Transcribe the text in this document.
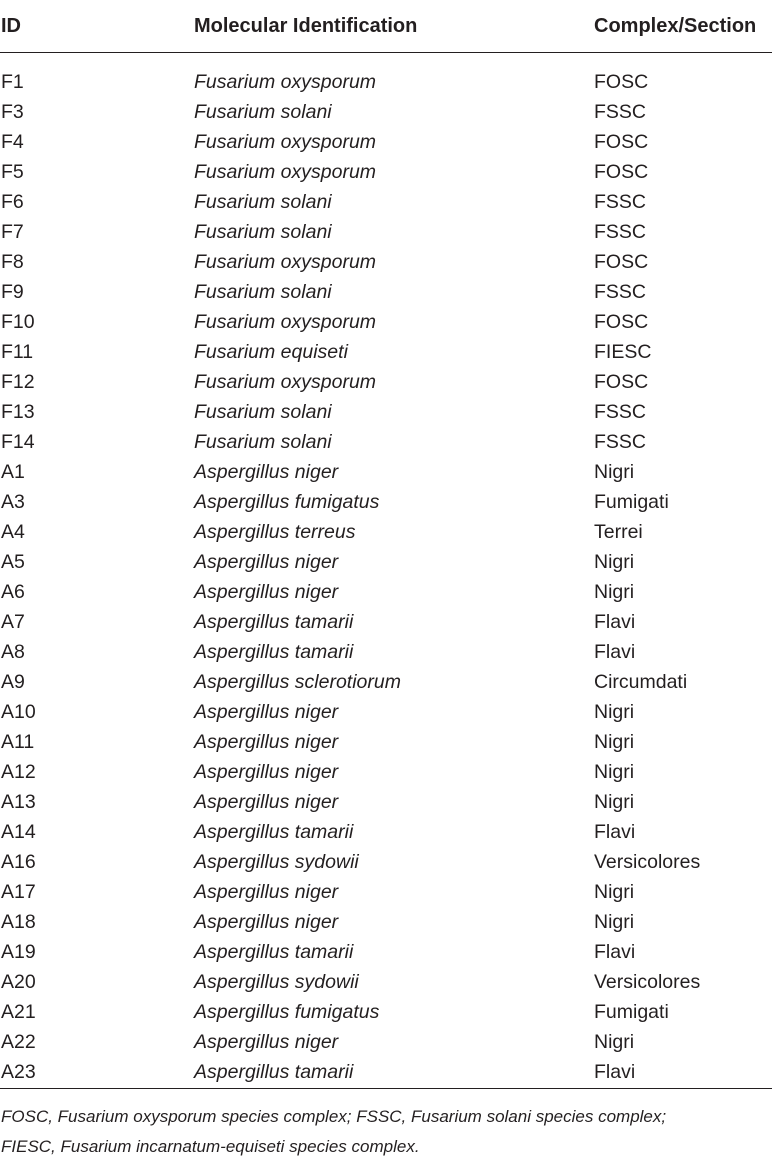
ID	Molecular Identification	Complex/Section

F1	Fusarium oxysporum	FOSC
F3	Fusarium solani	FSSC
F4	Fusarium oxysporum	FOSC
F5	Fusarium oxysporum	FOSC
F6	Fusarium solani	FSSC
F7	Fusarium solani	FSSC
F8	Fusarium oxysporum	FOSC
F9	Fusarium solani	FSSC
F10	Fusarium oxysporum	FOSC
F11	Fusarium equiseti	FIESC
F12	Fusarium oxysporum	FOSC
F13	Fusarium solani	FSSC
F14	Fusarium solani	FSSC
A1	Aspergillus niger	Nigri
A3	Aspergillus fumigatus	Fumigati
A4	Aspergillus terreus	Terrei
A5	Aspergillus niger	Nigri
A6	Aspergillus niger	Nigri
A7	Aspergillus tamarii	Flavi
A8	Aspergillus tamarii	Flavi
A9	Aspergillus sclerotiorum	Circumdati
A10	Aspergillus niger	Nigri
A11	Aspergillus niger	Nigri
A12	Aspergillus niger	Nigri
A13	Aspergillus niger	Nigri
A14	Aspergillus tamarii	Flavi
A16	Aspergillus sydowii	Versicolores
A17	Aspergillus niger	Nigri
A18	Aspergillus niger	Nigri
A19	Aspergillus tamarii	Flavi
A20	Aspergillus sydowii	Versicolores
A21	Aspergillus fumigatus	Fumigati
A22	Aspergillus niger	Nigri
A23	Aspergillus tamarii	Flavi
FOSC, Fusarium oxysporum species complex; FSSC, Fusarium solani species complex;
FIESC, Fusarium incarnatum-equiseti species complex.
